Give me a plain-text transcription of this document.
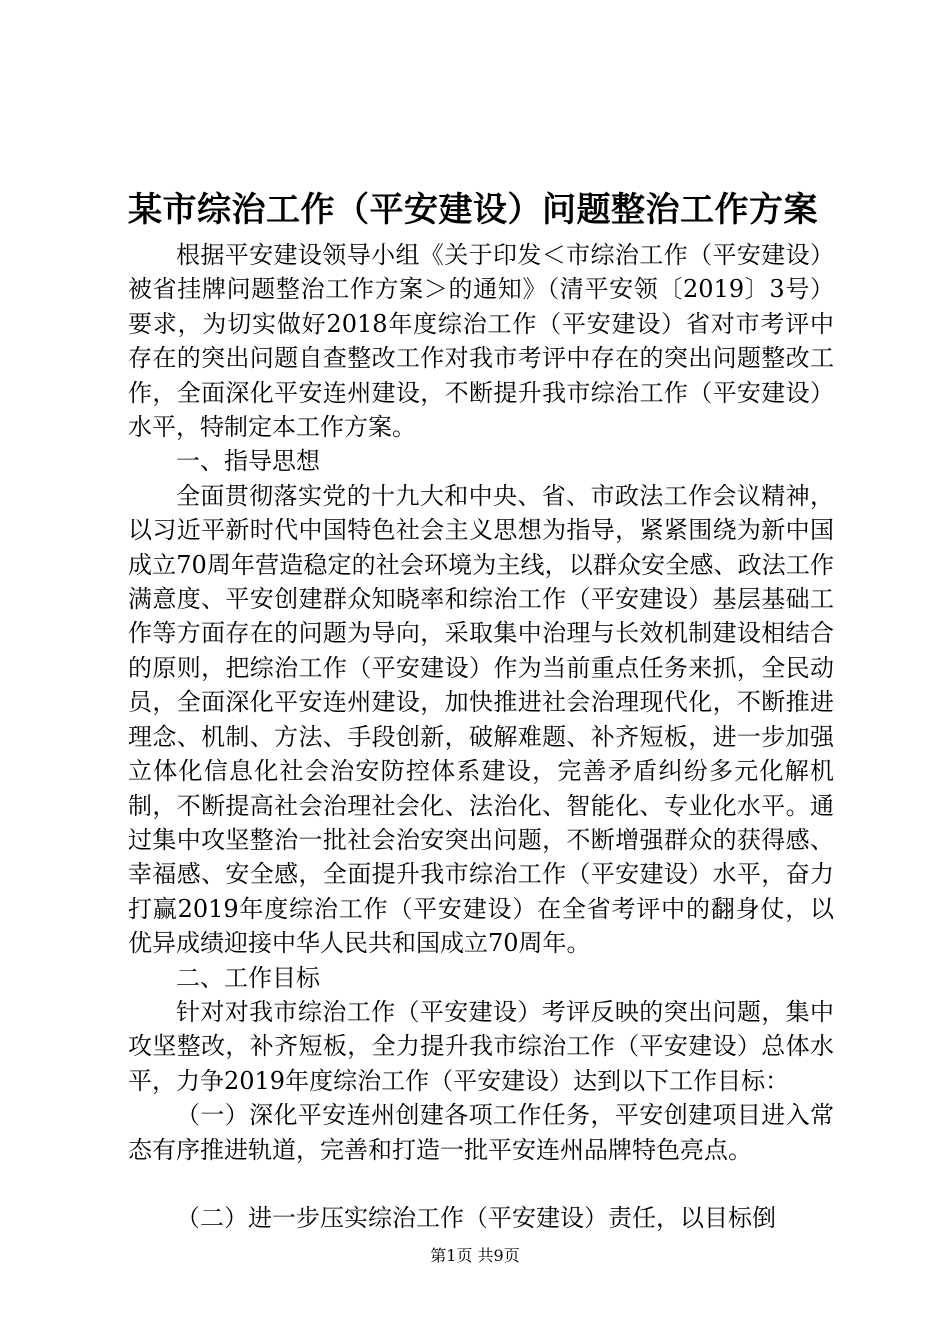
某市综治工作（平安建设）问题整治工作方案

根据平安建设领导小组《关于印发＜市综治工作（平安建设）被省挂牌问题整治工作方案＞的通知》（清平安领〔2019〕3号）要求，为切实做好2018年度综治工作（平安建设）省对市考评中存在的突出问题自查整改工作对我市考评中存在的突出问题整改工作，全面深化平安连州建设，不断提升我市综治工作（平安建设）水平，特制定本工作方案。

一、指导思想

全面贯彻落实党的十九大和中央、省、市政法工作会议精神，以习近平新时代中国特色社会主义思想为指导，紧紧围绕为新中国成立70周年营造稳定的社会环境为主线，以群众安全感、政法工作满意度、平安创建群众知晓率和综治工作（平安建设）基层基础工作等方面存在的问题为导向，采取集中治理与长效机制建设相结合的原则，把综治工作（平安建设）作为当前重点任务来抓，全民动员，全面深化平安连州建设，加快推进社会治理现代化，不断推进理念、机制、方法、手段创新，破解难题、补齐短板，进一步加强立体化信息化社会治安防控体系建设，完善矛盾纠纷多元化解机制，不断提高社会治理社会化、法治化、智能化、专业化水平。通过集中攻坚整治一批社会治安突出问题，不断增强群众的获得感、幸福感、安全感，全面提升我市综治工作（平安建设）水平，奋力打赢2019年度综治工作（平安建设）在全省考评中的翻身仗，以优异成绩迎接中华人民共和国成立70周年。

二、工作目标

针对对我市综治工作（平安建设）考评反映的突出问题，集中攻坚整改，补齐短板，全力提升我市综治工作（平安建设）总体水平，力争2019年度综治工作（平安建设）达到以下工作目标：

（一）深化平安连州创建各项工作任务，平安创建项目进入常态有序推进轨道，完善和打造一批平安连州品牌特色亮点。

（二）进一步压实综治工作（平安建设）责任，以目标倒

第1页 共9页
